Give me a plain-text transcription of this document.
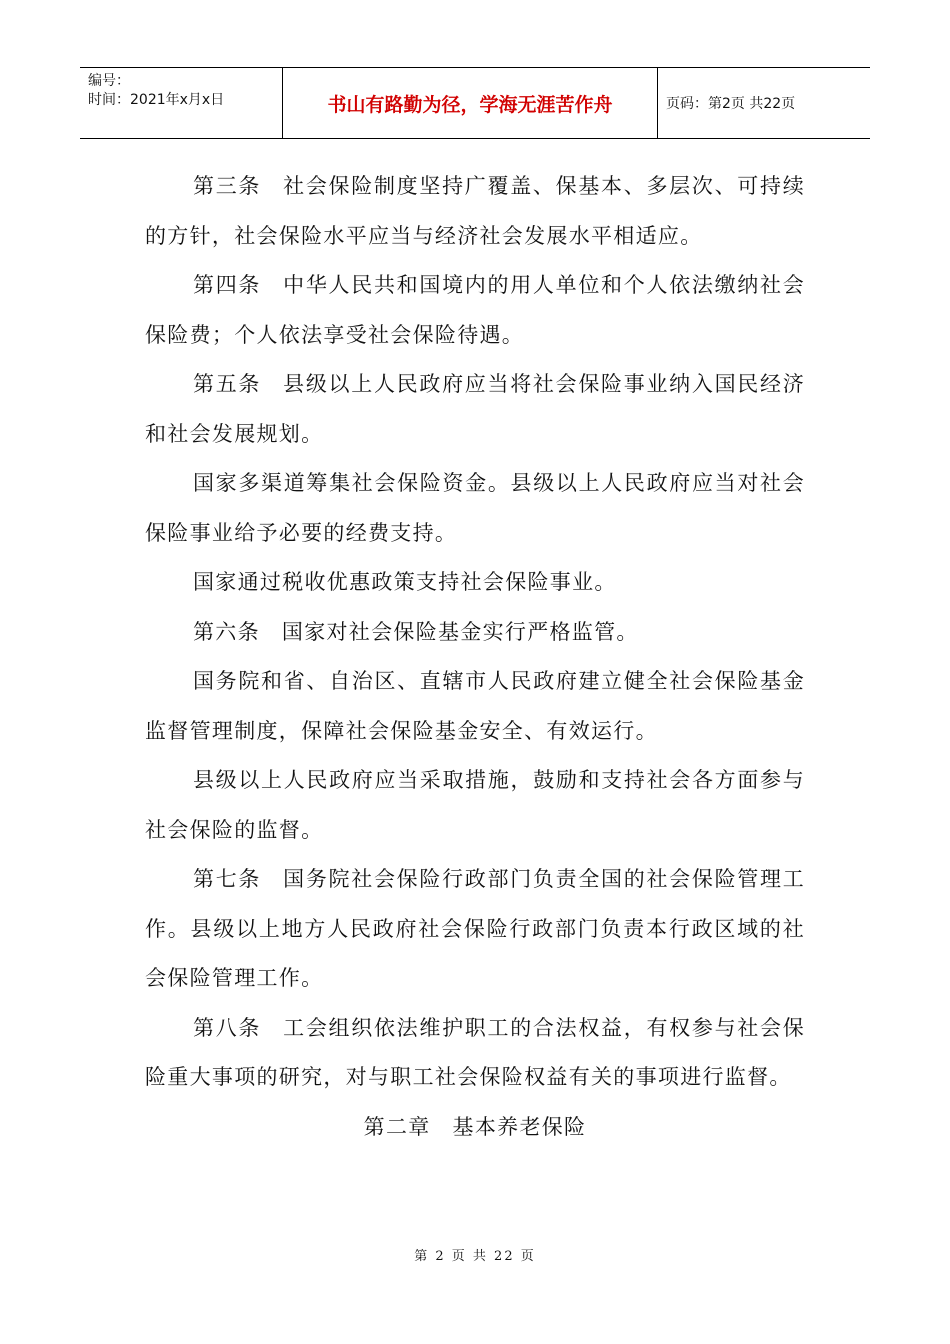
编号：
时间：2021年x月x日	书山有路勤为径，学海无涯苦作舟	页码：第2页 共22页

第三条 社会保险制度坚持广覆盖、保基本、多层次、可持续的方针，社会保险水平应当与经济社会发展水平相适应。

第四条 中华人民共和国境内的用人单位和个人依法缴纳社会保险费；个人依法享受社会保险待遇。

第五条 县级以上人民政府应当将社会保险事业纳入国民经济和社会发展规划。

国家多渠道筹集社会保险资金。县级以上人民政府应当对社会保险事业给予必要的经费支持。

国家通过税收优惠政策支持社会保险事业。

第六条 国家对社会保险基金实行严格监管。

国务院和省、自治区、直辖市人民政府建立健全社会保险基金监督管理制度，保障社会保险基金安全、有效运行。

县级以上人民政府应当采取措施，鼓励和支持社会各方面参与社会保险的监督。

第七条 国务院社会保险行政部门负责全国的社会保险管理工作。县级以上地方人民政府社会保险行政部门负责本行政区域的社会保险管理工作。

第八条 工会组织依法维护职工的合法权益，有权参与社会保险重大事项的研究，对与职工社会保险权益有关的事项进行监督。

第二章 基本养老保险

第 2 页 共 22 页
